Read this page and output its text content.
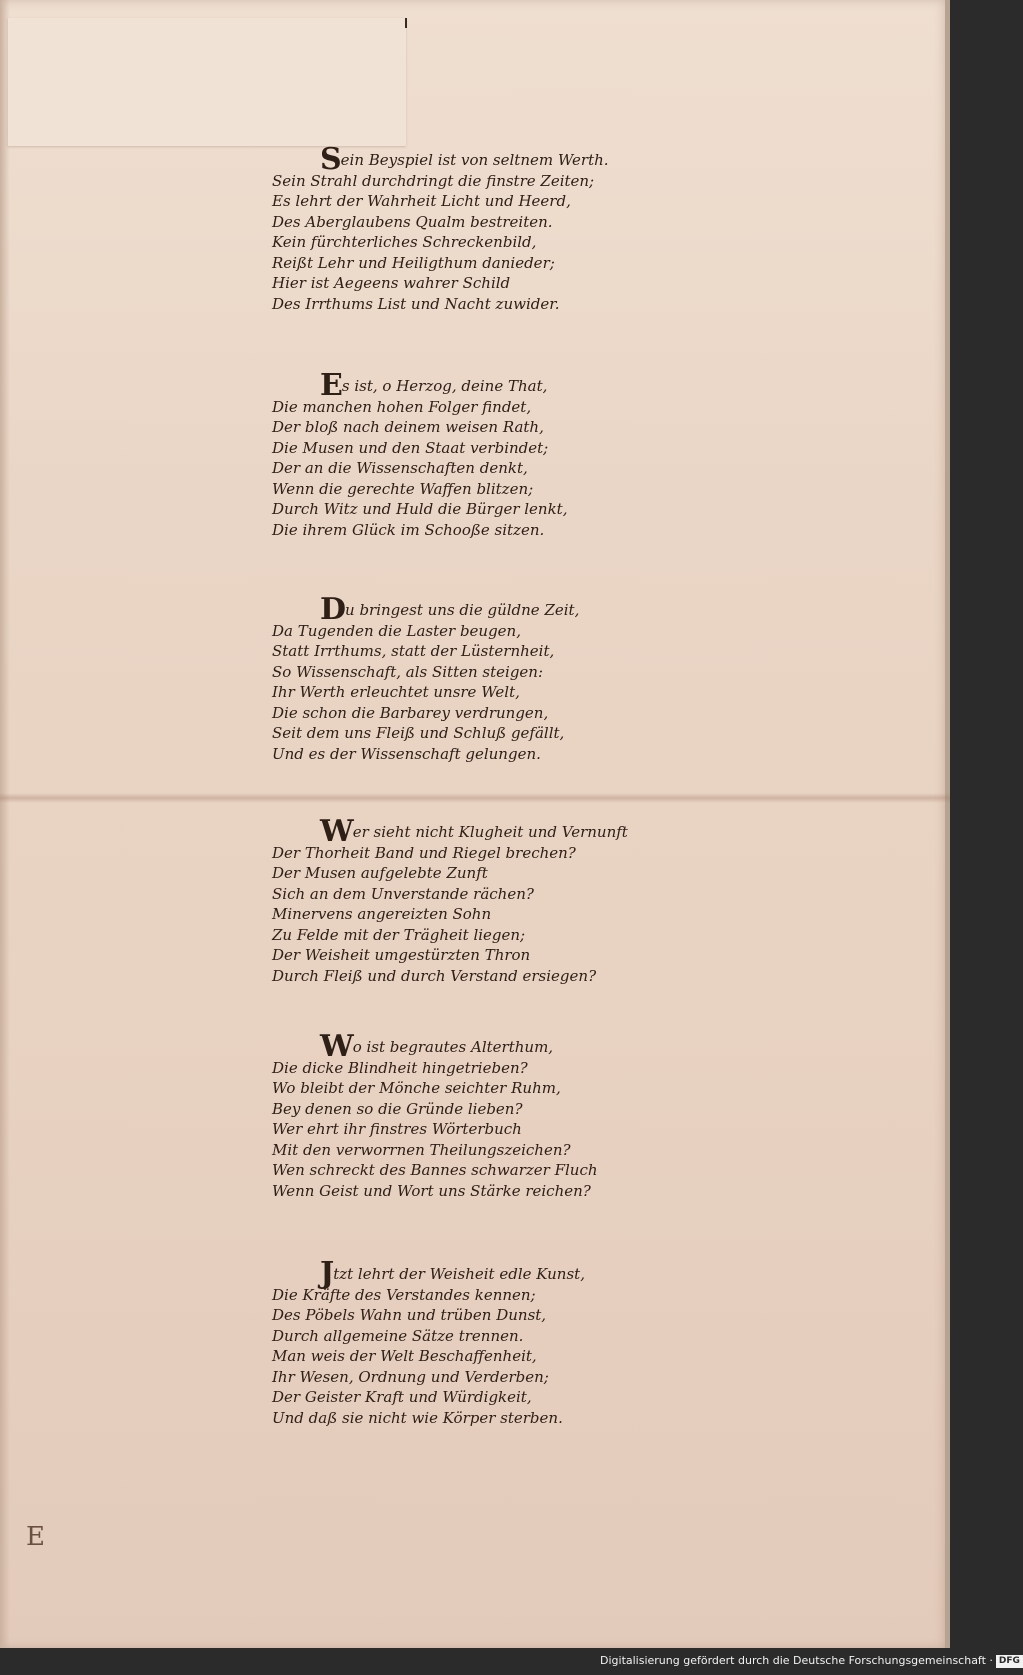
Sein Beyspiel ist von seltnem Werth.
Sein Strahl durchdringt die finstre Zeiten;
Es lehrt der Wahrheit Licht und Heerd,
Des Aberglaubens Qualm bestreiten.
Kein fürchterliches Schreckenbild,
Reißt Lehr und Heiligthum danieder;
Hier ist Aegeens wahrer Schild
Des Irrthums List und Nacht zuwider.
Es ist, o Herzog, deine That,
Die manchen hohen Folger findet,
Der bloß nach deinem weisen Rath,
Die Musen und den Staat verbindet;
Der an die Wissenschaften denkt,
Wenn die gerechte Waffen blitzen;
Durch Witz und Huld die Bürger lenkt,
Die ihrem Glück im Schooße sitzen.
Du bringest uns die güldne Zeit,
Da Tugenden die Laster beugen,
Statt Irrthums, statt der Lüsternheit,
So Wissenschaft, als Sitten steigen:
Ihr Werth erleuchtet unsre Welt,
Die schon die Barbarey verdrungen,
Seit dem uns Fleiß und Schluß gefällt,
Und es der Wissenschaft gelungen.
Wer sieht nicht Klugheit und Vernunft
Der Thorheit Band und Riegel brechen?
Der Musen aufgelebte Zunft
Sich an dem Unverstande rächen?
Minervens angereizten Sohn
Zu Felde mit der Trägheit liegen;
Der Weisheit umgestürzten Thron
Durch Fleiß und durch Verstand ersiegen?
Wo ist begrautes Alterthum,
Die dicke Blindheit hingetrieben?
Wo bleibt der Mönche seichter Ruhm,
Bey denen so die Gründe lieben?
Wer ehrt ihr finstres Wörterbuch
Mit den verworrnen Theilungszeichen?
Wen schreckt des Bannes schwarzer Fluch
Wenn Geist und Wort uns Stärke reichen?
Jtzt lehrt der Weisheit edle Kunst,
Die Kräfte des Verstandes kennen;
Des Pöbels Wahn und trüben Dunst,
Durch allgemeine Sätze trennen.
Man weis der Welt Beschaffenheit,
Ihr Wesen, Ordnung und Verderben;
Der Geister Kraft und Würdigkeit,
Und daß sie nicht wie Körper sterben.
E
Digitalisierung gefördert durch die Deutsche Forschungsgemeinschaft · DFG
